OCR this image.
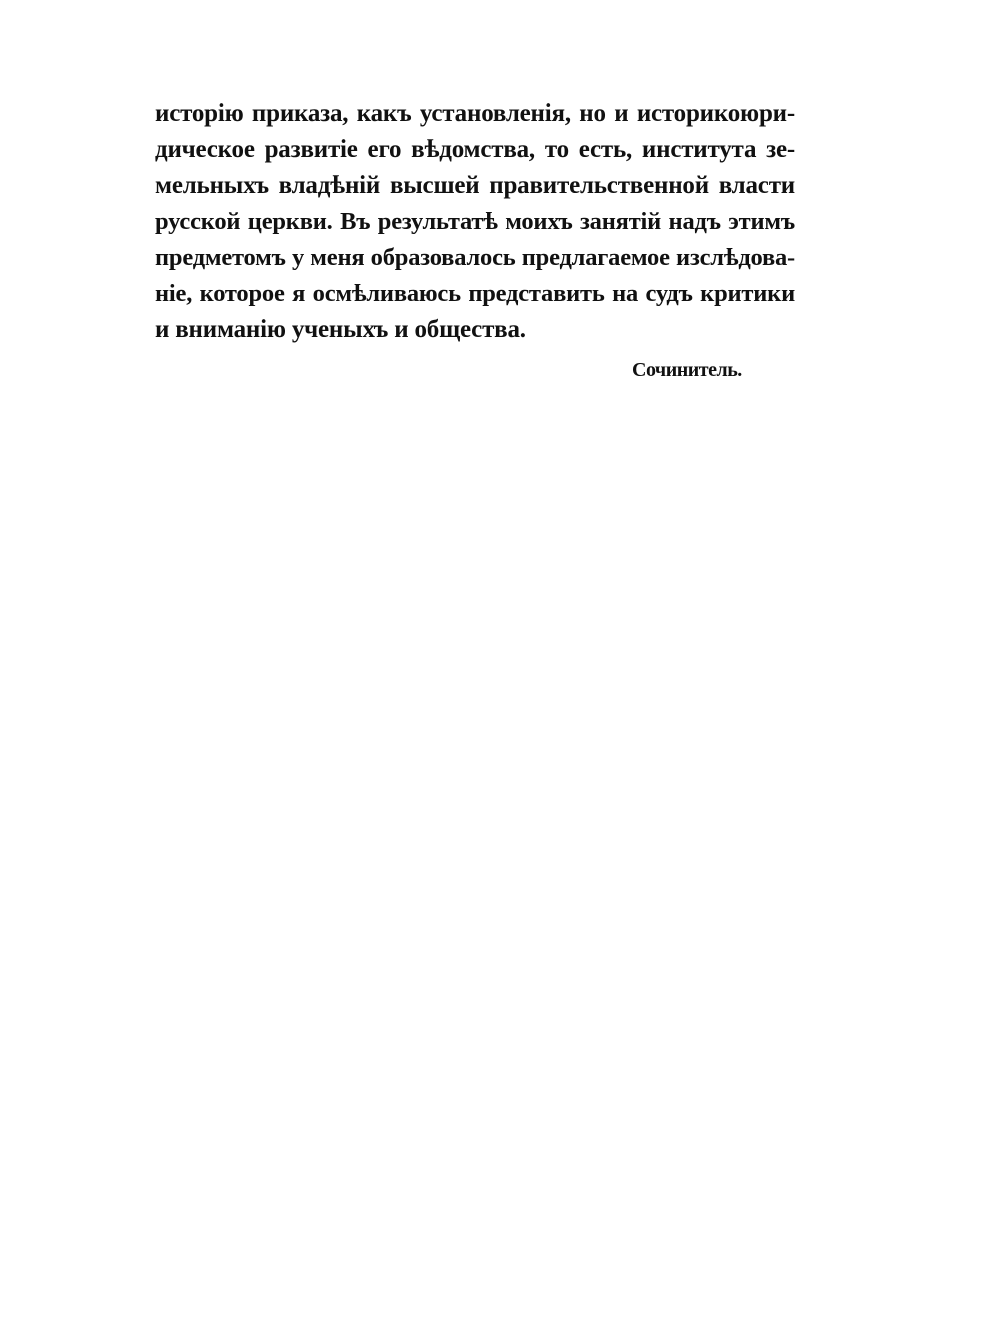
исторію приказа, какъ установленія, но и историкоюри-
дическое развитіе его вѣдомства, то есть, института зе-
мельныхъ владѣній высшей правительственной власти
русской церкви. Въ результатѣ моихъ занятій надъ этимъ
предметомъ у меня образовалось предлагаемое изслѣдова-
ніе, которое я осмѣливаюсь представить на судъ критики
и вниманію ученыхъ и общества.
Сочинитель.
